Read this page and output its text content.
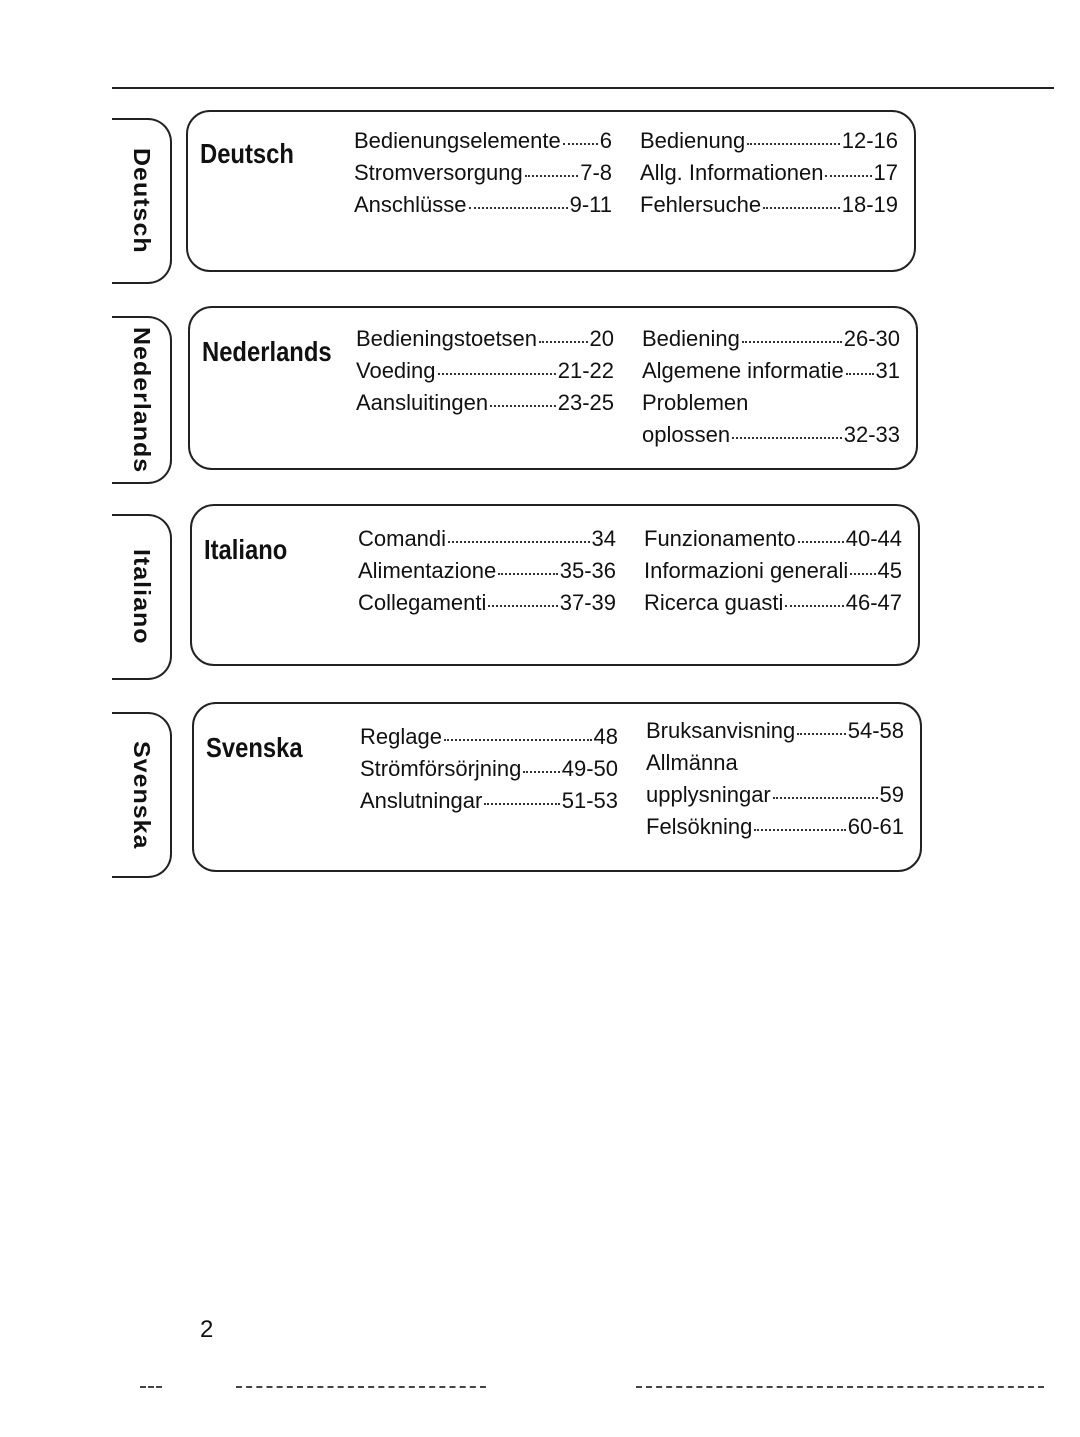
Deutsch	Deutsch	Bedienungselemente 6
Stromversorgung	7-8
Anschlüsse	9-11
Bedienung	12-16
Allg. Informationen 17
Fehlersuche	18-19
Nederlands	Nederlands Bedieningstoetsen 20
Voeding	21-22
Aansluitingen	23-25
Bediening	26-30
Algemene informatie 31
Problemen
oplossen	32-33
Italiano	Italiano	Comandi	34
Alimentazione	35-36
Collegamenti	37-39
Funzionamento 40-44
Informazioni generali 45
Ricerca guasti	46-47
Svenska	Svenska	Reglage	48
Strömförsörjning 49-50
Anslutningar	51-53
Bruksanvisning 54-58
Allmänna
upplysningar	59
Felsökning	60-61
2
